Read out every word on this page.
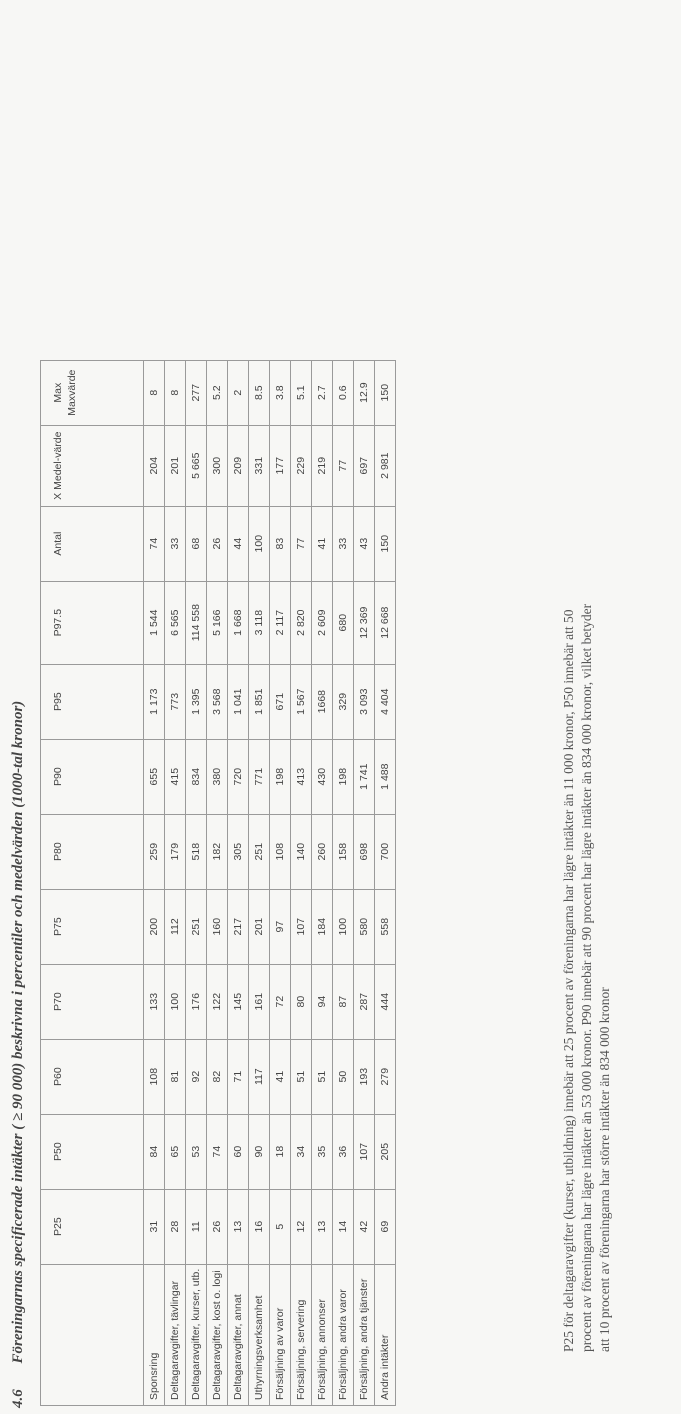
4.6 Föreningarnas specificerade intäkter ( ≥ 90 000) beskrivna i percentiler och medelvärden (1000-tal kronor)
	P25	P50	P60	P70	P75	P80	P90	P95	P97.5	Antal	X Medel-värde	Max Maxvärde
Sponsring	31	84	108	133	200	259	655	1 173	1 544	74	204	8
Deltagaravgifter, tävlingar	28	65	81	100	112	179	415	773	6 565	33	201	8
Deltagaravgifter, kurser, utb.	11	53	92	176	251	518	834	1 395	114 558	68	5 665	277
Deltagaravgifter, kost o. logi	26	74	82	122	160	182	380	3 568	5 166	26	300	5.2
Deltagaravgifter, annat	13	60	71	145	217	305	720	1 041	1 668	44	209	2
Uthyrningsverksamhet	16	90	117	161	201	251	771	1 851	3 118	100	331	8.5
Försäljning av varor	5	18	41	72	97	108	198	671	2 117	83	177	3.8
Försäljning, servering	12	34	51	80	107	140	413	1 567	2 820	77	229	5.1
Försäljning, annonser	13	35	51	94	184	260	430	1668	2 609	41	219	2.7
Försäljning, andra varor	14	36	50	87	100	158	198	329	680	33	77	0.6
Försäljning, andra tjänster	42	107	193	287	580	698	1 741	3 093	12 369	43	697	12.9
Andra intäkter	69	205	279	444	558	700	1 488	4 404	12 668	150	2 981	150

P25 för deltagaravgifter (kurser, utbildning) innebär att 25 procent av föreningarna har lägre intäkter än 11 000 kronor, P50 innebär att 50 procent av föreningarna har lägre intäkter än 53 000 kronor. P90 innebär att 90 procent har lägre intäkter än 834 000 kronor, vilket betyder att 10 procent av föreningarna har större intäkter än 834 000 kronor
